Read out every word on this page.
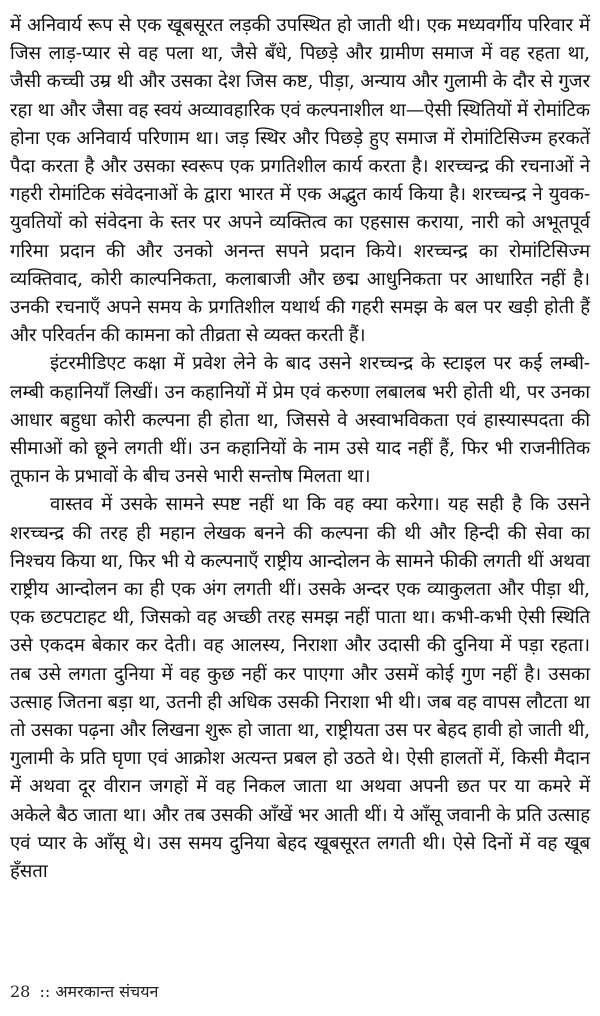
में अनिवार्य रूप से एक खूबसूरत लड़की उपस्थित हो जाती थी। एक मध्यवर्गीय परिवार में जिस लाड़-प्यार से वह पला था, जैसे बँधे, पिछड़े और ग्रामीण समाज में वह रहता था, जैसी कच्ची उम्र थी और उसका देश जिस कष्ट, पीड़ा, अन्याय और गुलामी के दौर से गुजर रहा था और जैसा वह स्वयं अव्यावहारिक एवं कल्पनाशील था—ऐसी स्थितियों में रोमांटिक होना एक अनिवार्य परिणाम था। जड़ स्थिर और पिछड़े हुए समाज में रोमांटिसिज्म हरकतें पैदा करता है और उसका स्वरूप एक प्रगतिशील कार्य करता है। शरच्चन्द्र की रचनाओं ने गहरी रोमांटिक संवेदनाओं के द्वारा भारत में एक अद्भुत कार्य किया है। शरच्चन्द्र ने युवक-युवतियों को संवेदना के स्तर पर अपने व्यक्तित्व का एहसास कराया, नारी को अभूतपूर्व गरिमा प्रदान की और उनको अनन्त सपने प्रदान किये। शरच्चन्द्र का रोमांटिसिज्म व्यक्तिवाद, कोरी काल्पनिकता, कलाबाजी और छद्म आधुनिकता पर आधारित नहीं है। उनकी रचनाएँ अपने समय के प्रगतिशील यथार्थ की गहरी समझ के बल पर खड़ी होती हैं और परिवर्तन की कामना को तीव्रता से व्यक्त करती हैं।

इंटरमीडिएट कक्षा में प्रवेश लेने के बाद उसने शरच्चन्द्र के स्टाइल पर कई लम्बी-लम्बी कहानियाँ लिखीं। उन कहानियों में प्रेम एवं करुणा लबालब भरी होती थी, पर उनका आधार बहुधा कोरी कल्पना ही होता था, जिससे वे अस्वाभविकता एवं हास्यास्पदता की सीमाओं को छूने लगती थीं। उन कहानियों के नाम उसे याद नहीं हैं, फिर भी राजनीतिक तूफान के प्रभावों के बीच उनसे भारी सन्तोष मिलता था।

वास्तव में उसके सामने स्पष्ट नहीं था कि वह क्या करेगा। यह सही है कि उसने शरच्चन्द्र की तरह ही महान लेखक बनने की कल्पना की थी और हिन्दी की सेवा का निश्चय किया था, फिर भी ये कल्पनाएँ राष्ट्रीय आन्दोलन के सामने फीकी लगती थीं अथवा राष्ट्रीय आन्दोलन का ही एक अंग लगती थीं। उसके अन्दर एक व्याकुलता और पीड़ा थी, एक छटपटाहट थी, जिसको वह अच्छी तरह समझ नहीं पाता था। कभी-कभी ऐसी स्थिति उसे एकदम बेकार कर देती। वह आलस्य, निराशा और उदासी की दुनिया में पड़ा रहता। तब उसे लगता दुनिया में वह कुछ नहीं कर पाएगा और उसमें कोई गुण नहीं है। उसका उत्साह जितना बड़ा था, उतनी ही अधिक उसकी निराशा भी थी। जब वह वापस लौटता था तो उसका पढ़ना और लिखना शुरू हो जाता था, राष्ट्रीयता उस पर बेहद हावी हो जाती थी, गुलामी के प्रति घृणा एवं आक्रोश अत्यन्त प्रबल हो उठते थे। ऐसी हालतों में, किसी मैदान में अथवा दूर वीरान जगहों में वह निकल जाता था अथवा अपनी छत पर या कमरे में अकेले बैठ जाता था। और तब उसकी आँखें भर आती थीं। ये आँसू जवानी के प्रति उत्साह एवं प्यार के आँसू थे। उस समय दुनिया बेहद खूबसूरत लगती थी। ऐसे दिनों में वह खूब हँसता

28 :: अमरकान्त संचयन
